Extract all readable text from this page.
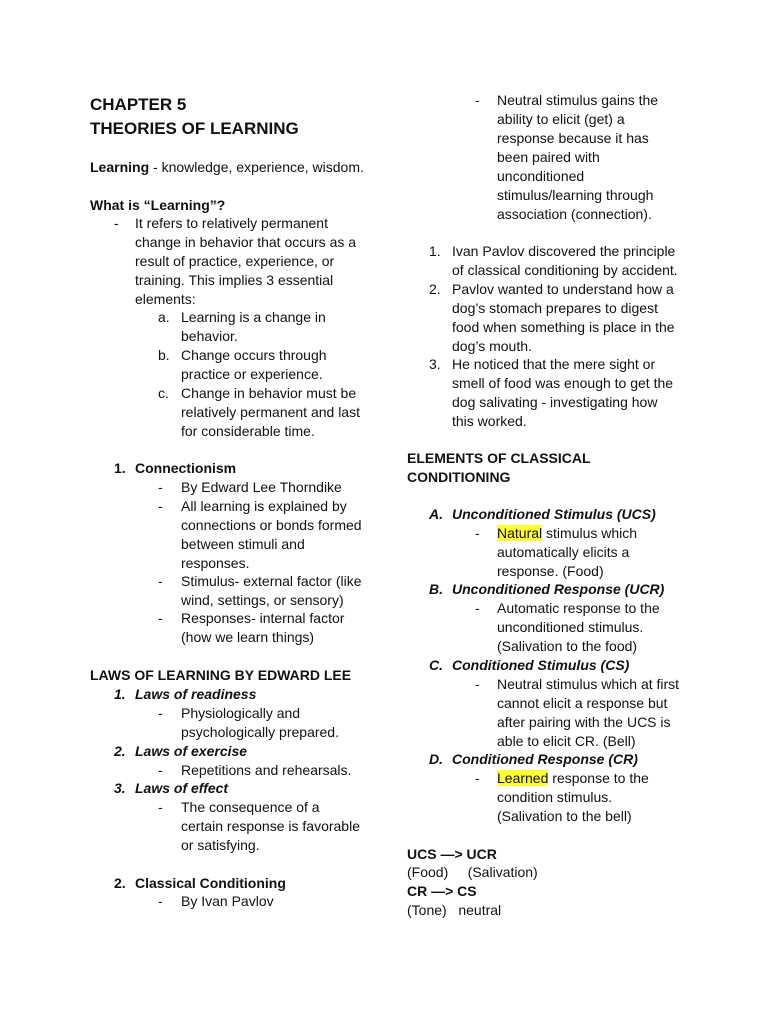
CHAPTER 5
THEORIES OF LEARNING
Learning - knowledge, experience, wisdom.
What is “Learning”?
- It refers to relatively permanent
change in behavior that occurs as a
result of practice, experience, or
training. This implies 3 essential
elements:
a. Learning is a change in
behavior.
b. Change occurs through
practice or experience.
c. Change in behavior must be
relatively permanent and last
for considerable time.
1. Connectionism
- By Edward Lee Thorndike
- All learning is explained by
connections or bonds formed
between stimuli and
responses.
- Stimulus- external factor (like
wind, settings, or sensory)
- Responses- internal factor
(how we learn things)
LAWS OF LEARNING BY EDWARD LEE
1. Laws of readiness
- Physiologically and
psychologically prepared.
2. Laws of exercise
- Repetitions and rehearsals.
3. Laws of effect
- The consequence of a
certain response is favorable
or satisfying.
2. Classical Conditioning
- By Ivan Pavlov
- Neutral stimulus gains the
ability to elicit (get) a
response because it has
been paired with
unconditioned
stimulus/learning through
association (connection).
1. Ivan Pavlov discovered the principle
of classical conditioning by accident.
2. Pavlov wanted to understand how a
dog’s stomach prepares to digest
food when something is place in the
dog’s mouth.
3. He noticed that the mere sight or
smell of food was enough to get the
dog salivating - investigating how
this worked.
ELEMENTS OF CLASSICAL
CONDITIONING
A. Unconditioned Stimulus (UCS)
- Natural stimulus which
automatically elicits a
response. (Food)
B. Unconditioned Response (UCR)
- Automatic response to the
unconditioned stimulus.
(Salivation to the food)
C. Conditioned Stimulus (CS)
- Neutral stimulus which at first
cannot elicit a response but
after pairing with the UCS is
able to elicit CR. (Bell)
D. Conditioned Response (CR)
- Learned response to the
condition stimulus.
(Salivation to the bell)
UCS —> UCR
(Food)     (Salivation)
CR —> CS
(Tone)   neutral
